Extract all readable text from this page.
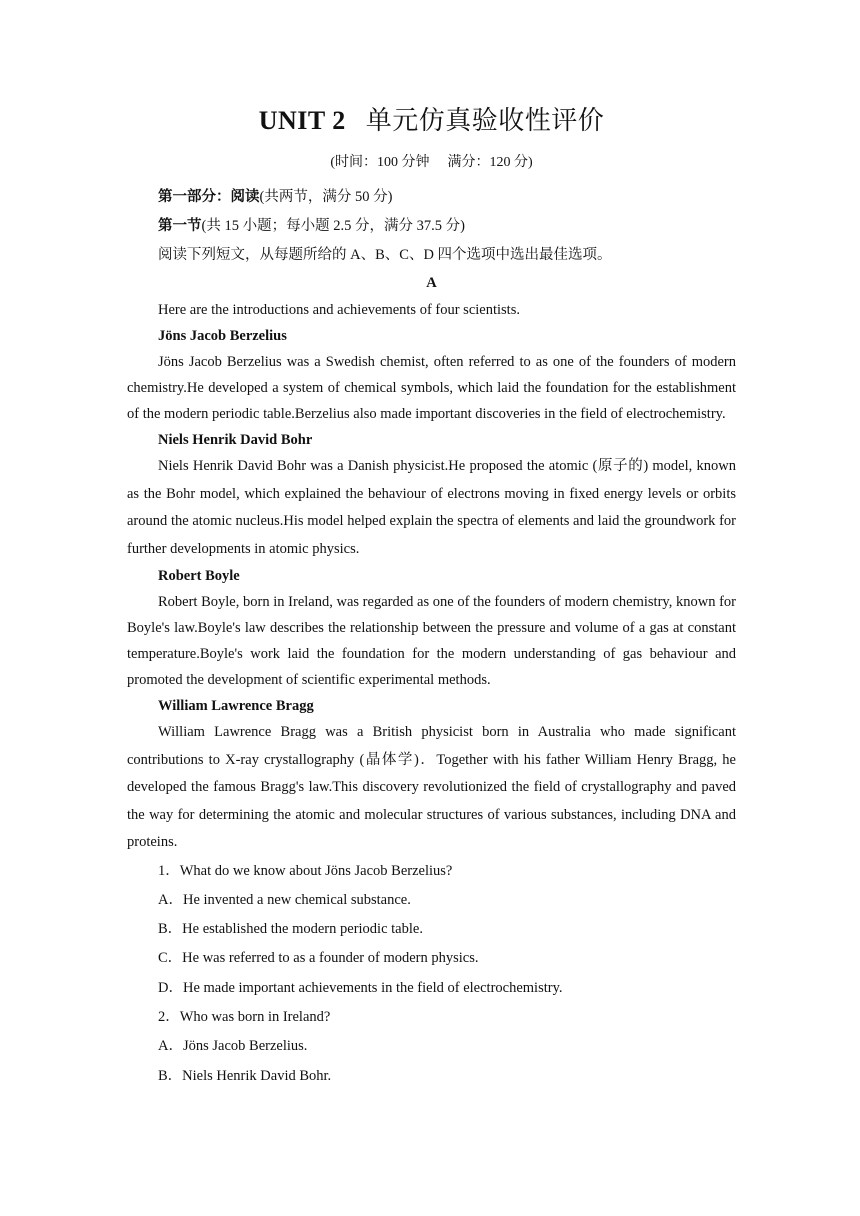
UNIT 2 单元仿真验收性评价

(时间：100 分钟 满分：120 分)

第一部分：阅读(共两节，满分 50 分)

第一节(共 15 小题；每小题 2.5 分，满分 37.5 分)

阅读下列短文，从每题所给的 A、B、C、D 四个选项中选出最佳选项。

A

Here are the introductions and achievements of four scientists.

Jöns Jacob Berzelius

Jöns Jacob Berzelius was a Swedish chemist, often referred to as one of the founders of modern chemistry.He developed a system of chemical symbols, which laid the foundation for the establishment of the modern periodic table.Berzelius also made important discoveries in the field of electrochemistry.

Niels Henrik David Bohr

Niels Henrik David Bohr was a Danish physicist.He proposed the atomic (原子的) model, known as the Bohr model, which explained the behaviour of electrons moving in fixed energy levels or orbits around the atomic nucleus.His model helped explain the spectra of elements and laid the groundwork for further developments in atomic physics.

Robert Boyle

Robert Boyle, born in Ireland, was regarded as one of the founders of modern chemistry, known for Boyle's law.Boyle's law describes the relationship between the pressure and volume of a gas at constant temperature.Boyle's work laid the foundation for the modern understanding of gas behaviour and promoted the development of scientific experimental methods.

William Lawrence Bragg

William Lawrence Bragg was a British physicist born in Australia who made significant contributions to X-ray crystallography (晶体学)．Together with his father William Henry Bragg, he developed the famous Bragg's law.This discovery revolutionized the field of crystallography and paved the way for determining the atomic and molecular structures of various substances, including DNA and proteins.

1．What do we know about Jöns Jacob Berzelius?

A．He invented a new chemical substance.

B．He established the modern periodic table.

C．He was referred to as a founder of modern physics.

D．He made important achievements in the field of electrochemistry.

2．Who was born in Ireland?

A．Jöns Jacob Berzelius.

B．Niels Henrik David Bohr.
